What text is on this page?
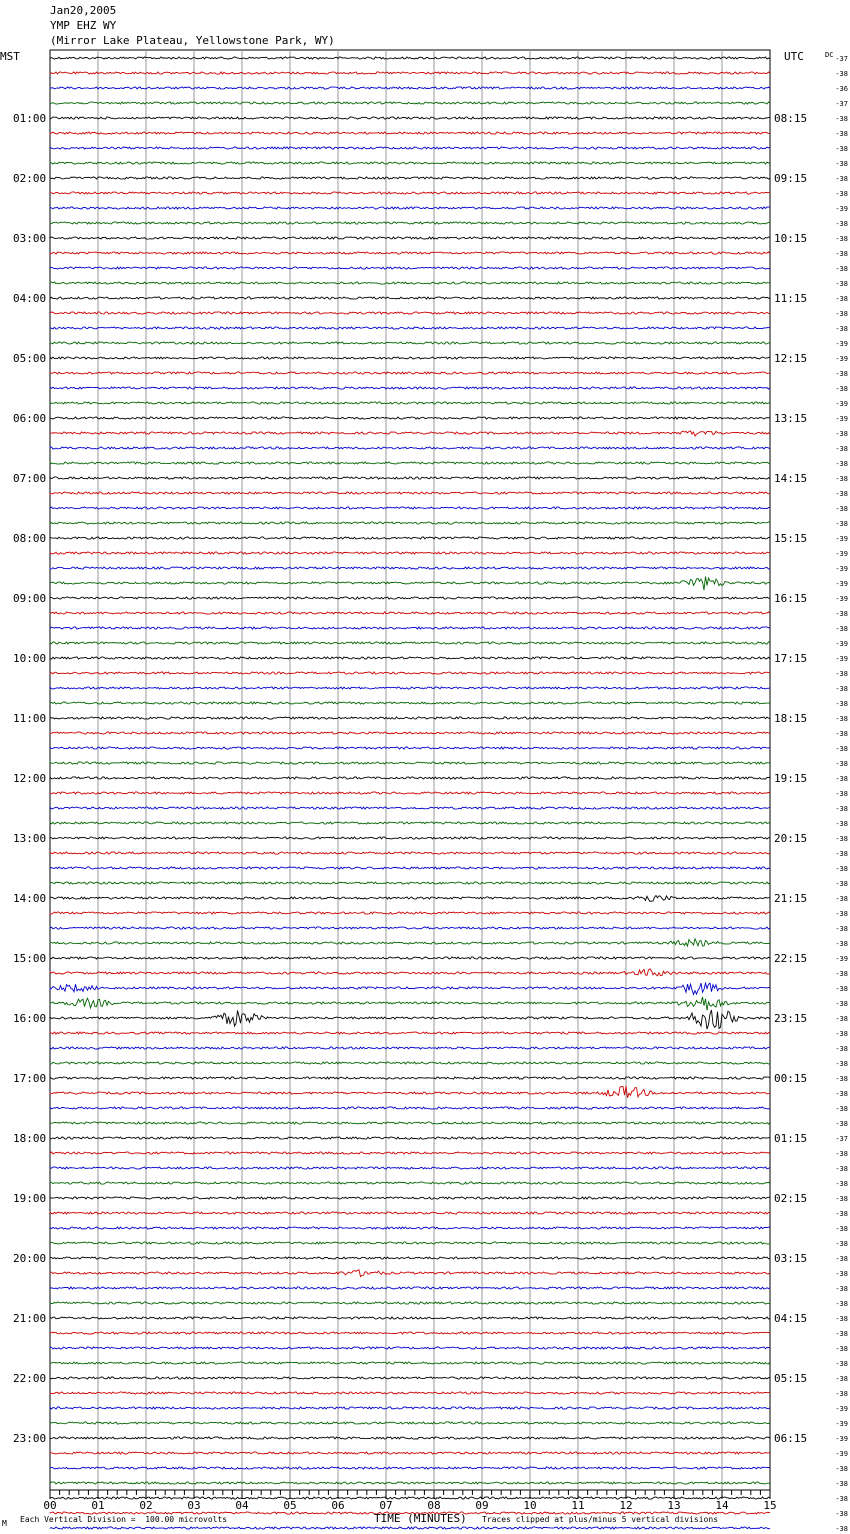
Jan20,2005
YMP EHZ WY
(Mirror Lake Plateau, Yellowstone Park, WY)
-37
-38
-36
-37
-38
-38
-38
-38
-38
-38
-39
-38
-38
-38
-38
-38
-38
-38
-38
-39
-39
-38
-38
-39
-39
-38
-38
-38
-38
-38
-38
-38
-39
-39
-39
-39
-39
-38
-38
-39
-39
-38
-38
-38
-38
-38
-38
-38
-38
-38
-38
-38
-38
-38
-38
-38
-38
-38
-38
-38
-39
-38
-38
-38
-38
-38
-38
-38
-38
-38
-38
-38
-37
-38
-38
-38
-38
-38
-38
-38
-38
-38
-38
-38
-38
-38
-38
-38
-38
-38
-39
-39
-39
-39
-38
-38
-38
-38
-38
MST	UTC	DC
01:00
02:00
03:00
04:00
05:00
06:00
07:00
08:00
09:00
10:00
11:00
12:00
13:00
14:00
15:00
16:00
17:00
18:00
19:00
20:00
21:00
22:00
23:00
08:15
09:15
10:15
11:15
12:15
13:15
14:15
15:15
16:15
17:15
18:15
19:15
20:15
21:15
22:15
23:15
00:15
01:15
02:15
03:15
04:15
05:15
06:15
00	01	02	03	04	05	06	07	08	09	10	11	12	13	14	15
M Each Vertical Division =  100.00 microvolts	TIME (MINUTES) Traces clipped at plus/minus 5 vertical divisions
